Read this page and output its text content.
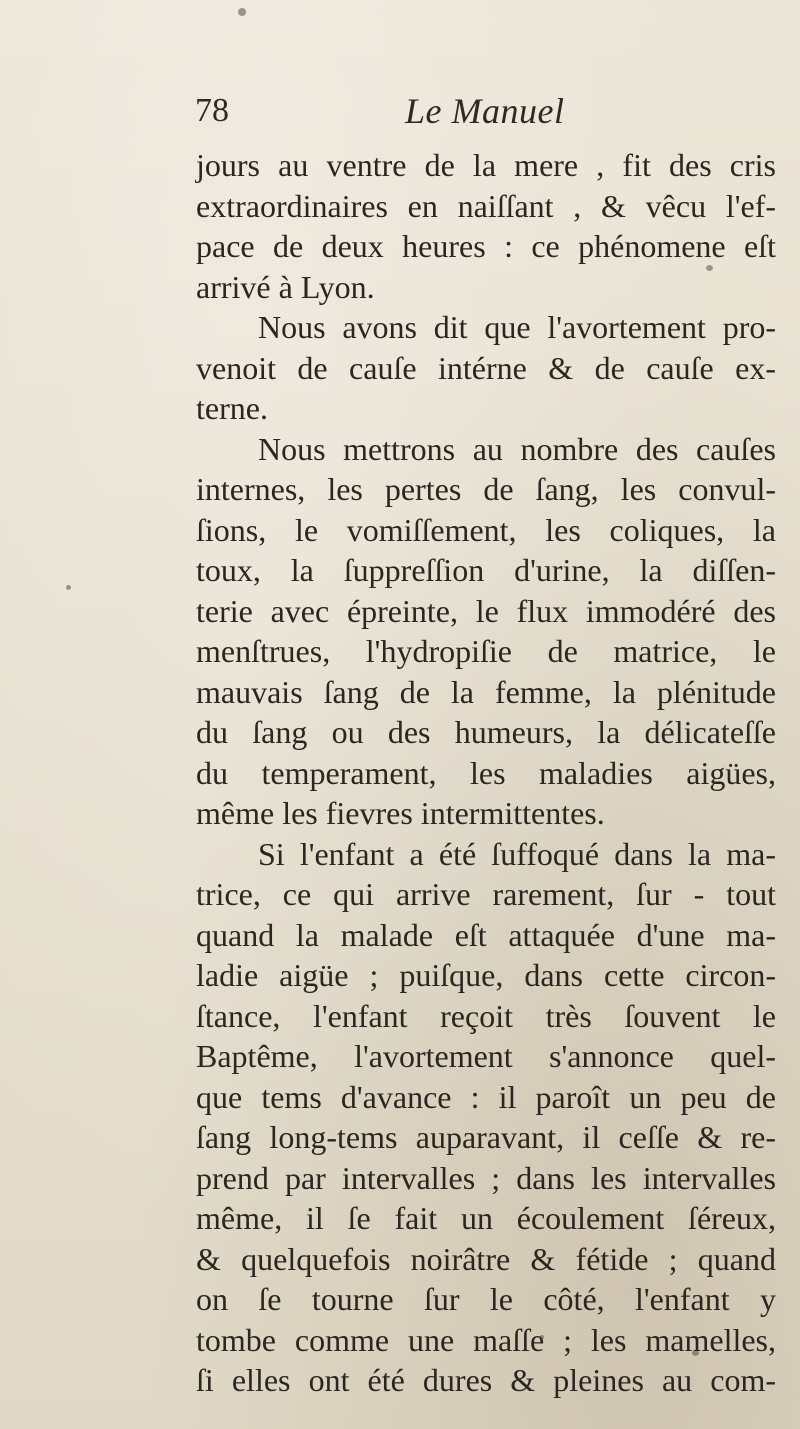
78	Le Manuel
jours au ventre de la mere , fit des cris
extraordinaires en naiſſant , & vêcu l'ef-
pace de deux heures : ce phénomene eſt
arrivé à Lyon.
Nous avons dit que l'avortement pro-
venoit de cauſe intérne & de cauſe ex-
terne.
Nous mettrons au nombre des cauſes
internes, les pertes de ſang, les convul-
ſions, le vomiſſement, les coliques, la
toux, la ſuppreſſion d'urine, la diſſen-
terie avec épreinte, le flux immodéré des
menſtrues, l'hydropiſie de matrice, le
mauvais ſang de la femme, la plénitude
du ſang ou des humeurs, la délicateſſe
du temperament, les maladies aigües,
même les fievres intermittentes.
Si l'enfant a été ſuffoqué dans la ma-
trice, ce qui arrive rarement, ſur - tout
quand la malade eſt attaquée d'une ma-
ladie aigüe ; puiſque, dans cette circon-
ſtance, l'enfant reçoit très ſouvent le
Baptême, l'avortement s'annonce quel-
que tems d'avance : il paroît un peu de
ſang long-tems auparavant, il ceſſe & re-
prend par intervalles ; dans les intervalles
même, il ſe fait un écoulement ſéreux,
& quelquefois noirâtre & fétide ; quand
on ſe tourne ſur le côté, l'enfant y
tombe comme une maſſe ; les mamelles,
ſi elles ont été dures & pleines au com-
